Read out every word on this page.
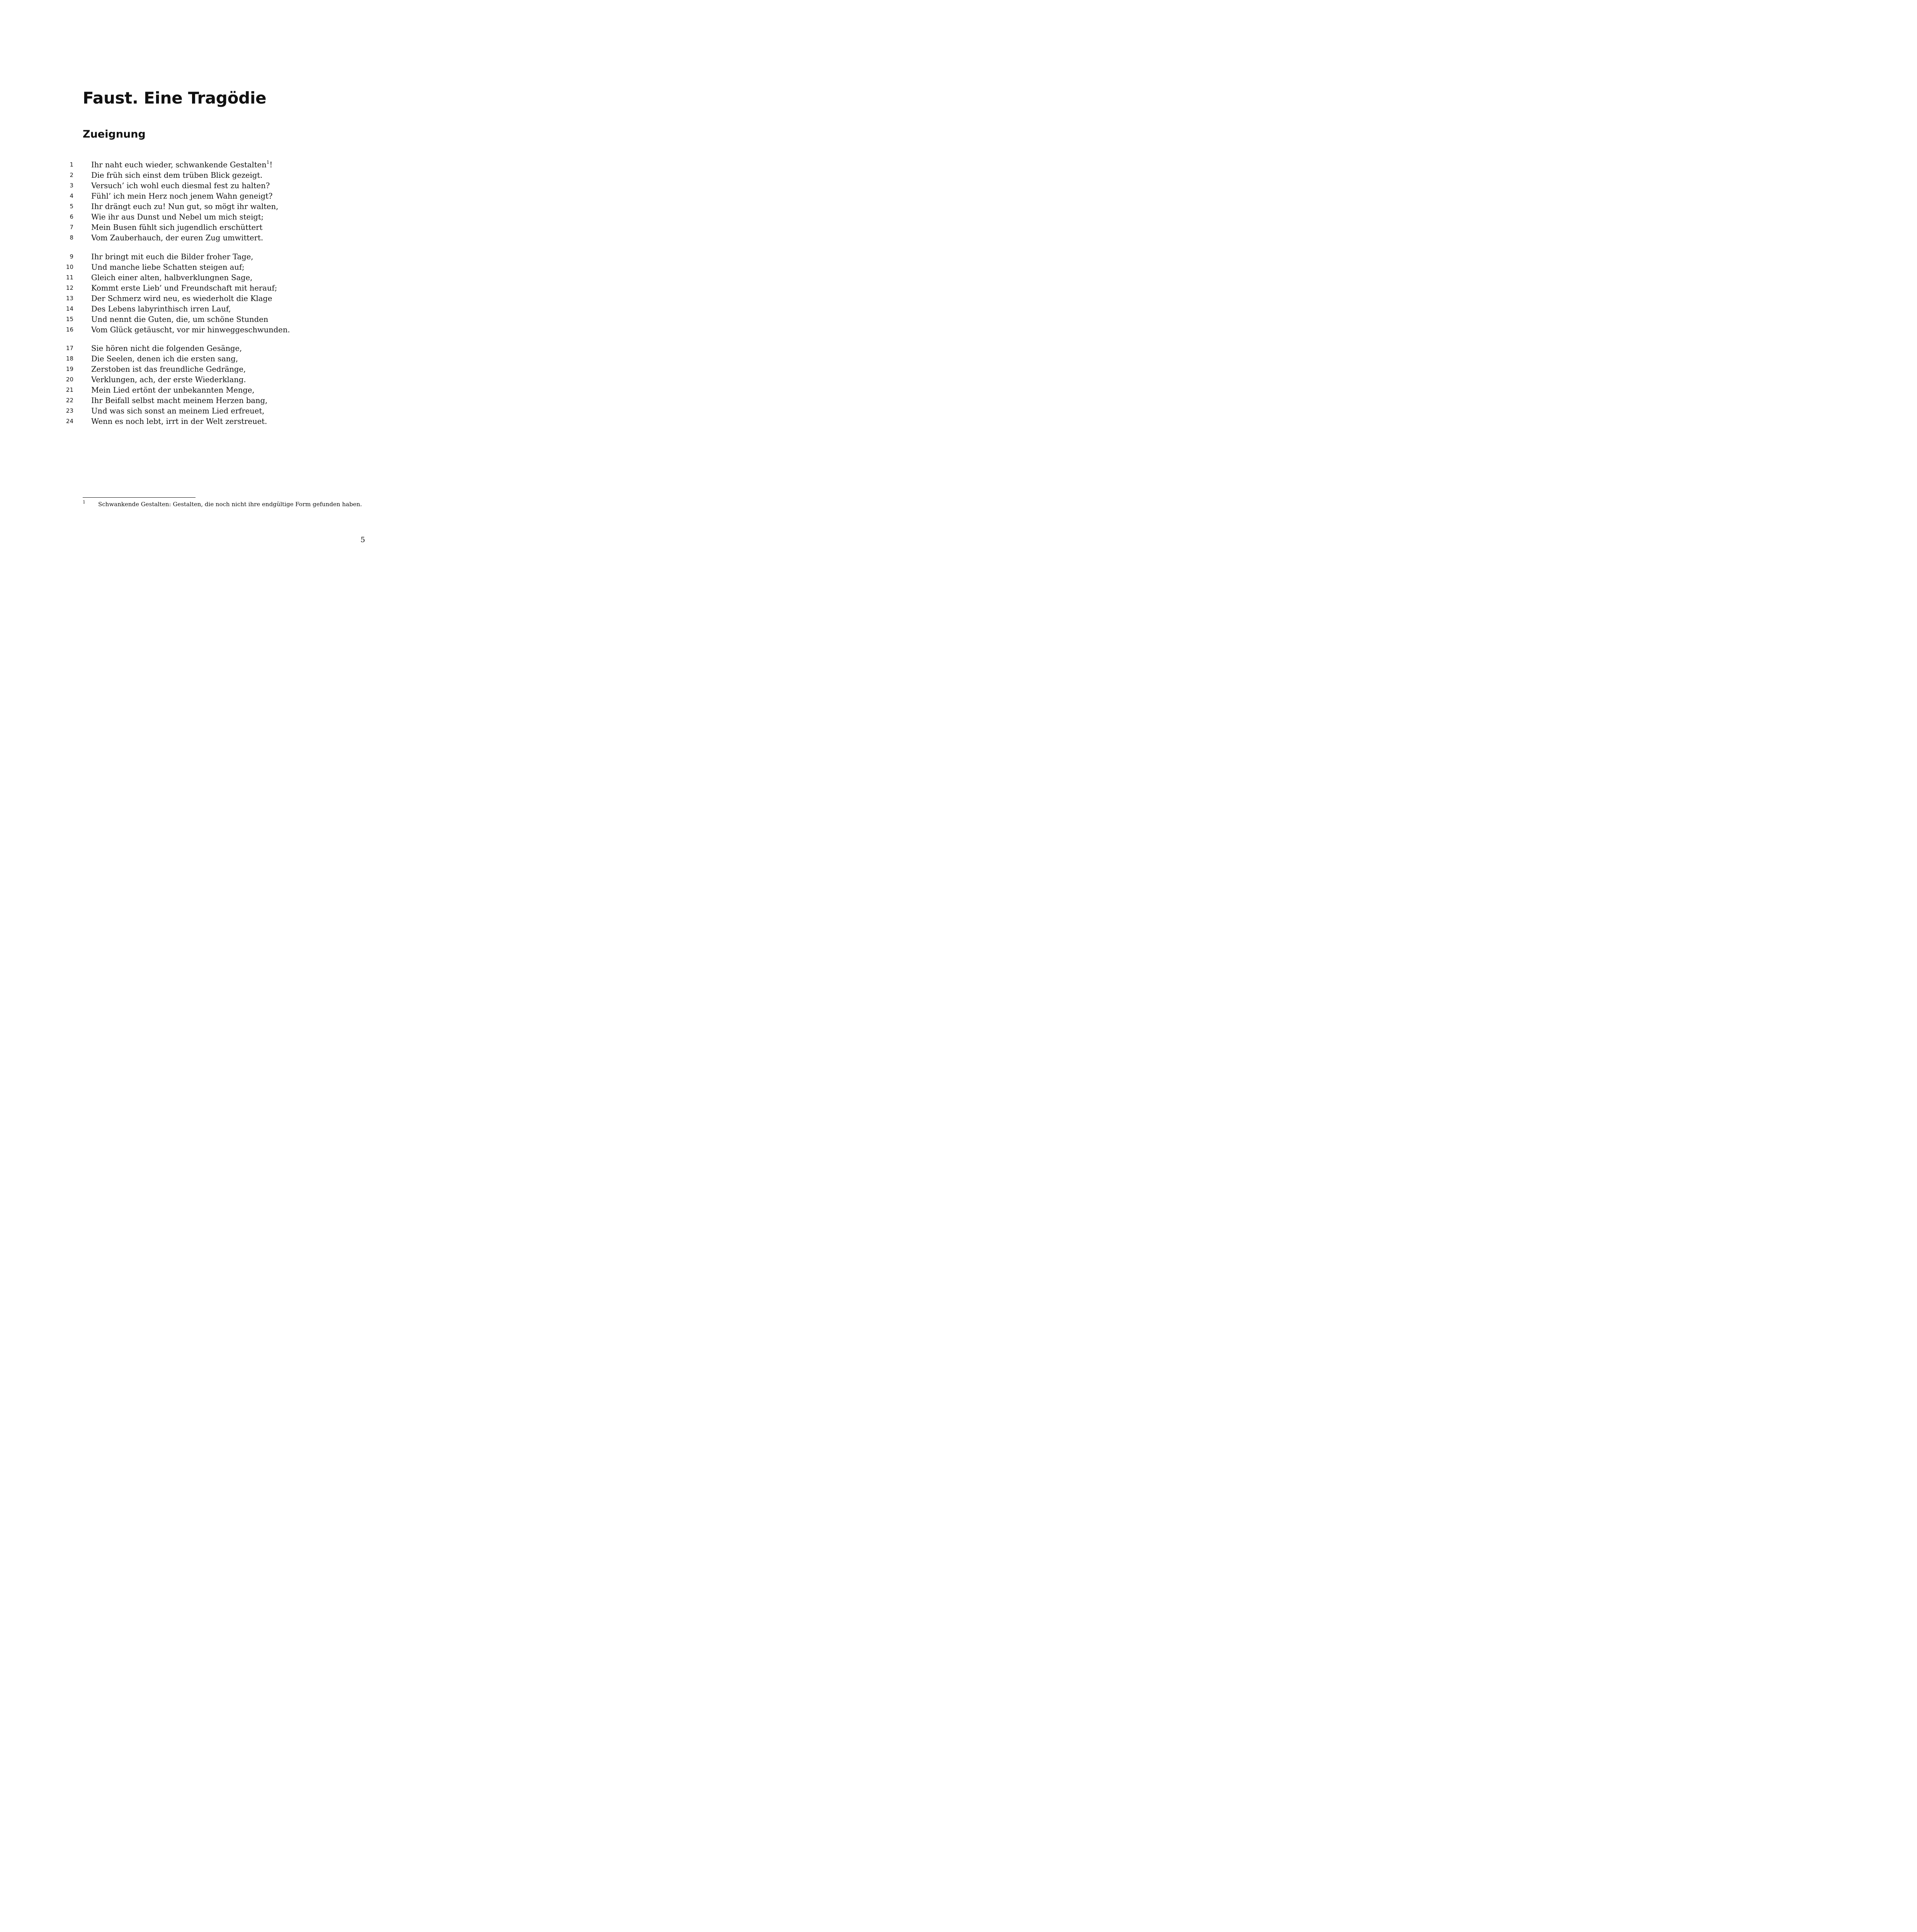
Faust. Eine Tragödie
Zueignung
1 Ihr naht euch wieder, schwankende Gestalten$^1$!
2 Die früh sich einst dem trüben Blick gezeigt.
3 Versuch’ ich wohl euch diesmal fest zu halten?
4 Fühl’ ich mein Herz noch jenem Wahn geneigt?
5 Ihr drängt euch zu! Nun gut, so mögt ihr walten,
6 Wie ihr aus Dunst und Nebel um mich steigt;
7 Mein Busen fühlt sich jugendlich erschüttert
8 Vom Zauberhauch, der euren Zug umwittert.
9 Ihr bringt mit euch die Bilder froher Tage,
10 Und manche liebe Schatten steigen auf;
11 Gleich einer alten, halbverklungnen Sage,
12 Kommt erste Lieb’ und Freundschaft mit herauf;
13 Der Schmerz wird neu, es wiederholt die Klage
14 Des Lebens labyrinthisch irren Lauf,
15 Und nennt die Guten, die, um schöne Stunden
16 Vom Glück getäuscht, vor mir hinweggeschwunden.
17 Sie hören nicht die folgenden Gesänge,
18 Die Seelen, denen ich die ersten sang,
19 Zerstoben ist das freundliche Gedränge,
20 Verklungen, ach, der erste Wiederklang.
21 Mein Lied ertönt der unbekannten Menge,
22 Ihr Beifall selbst macht meinem Herzen bang,
23 Und was sich sonst an meinem Lied erfreuet,
24 Wenn es noch lebt, irrt in der Welt zerstreuet.
1 Schwankende Gestalten: Gestalten, die noch nicht ihre endgültige Form gefunden haben.
5
